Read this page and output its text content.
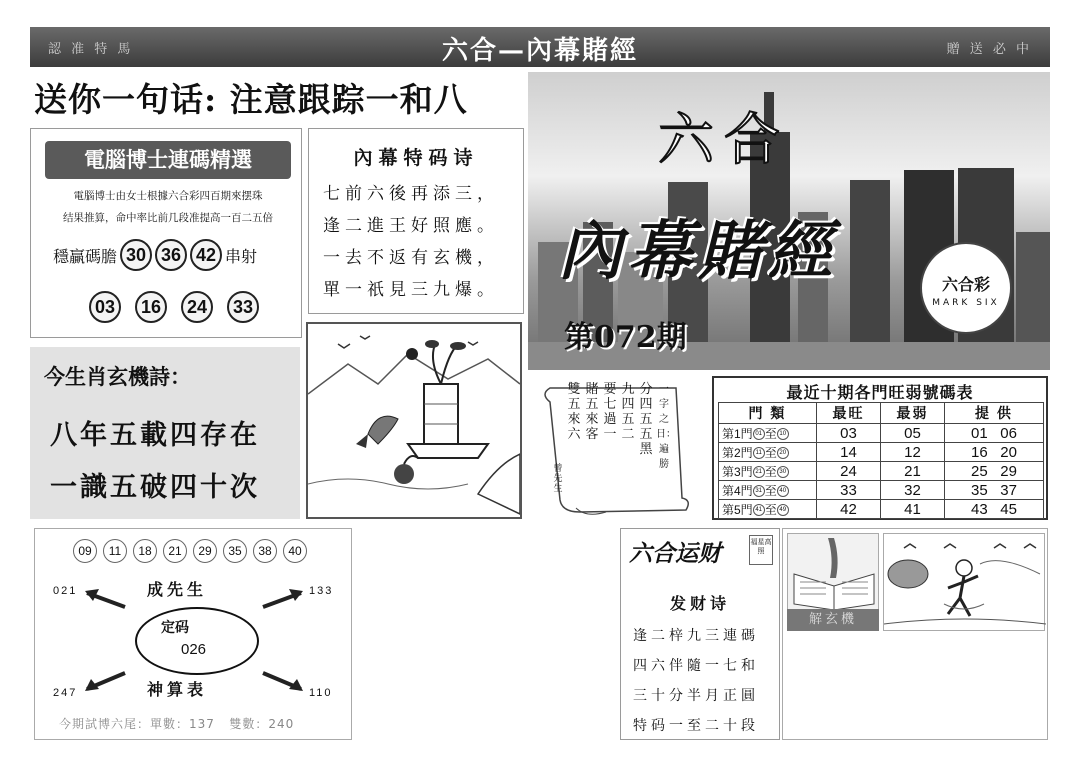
認 准 特 馬	六合—內幕賭經	贈 送 必 中
送你一句话: 注意跟踪一和八
電腦博士連碼精選
電腦博士由女士根據六合彩四百期來摆珠
结果推算，命中率比前几段准提高一百二五倍
穩贏碼膽 30 36 42 串射
03	16	24	33
內幕特码诗
七前六後再添三，
逢二進王好照應。
一去不返有玄機，
單一祇見三九爆。
今生肖玄機詩：
八年五載四存在
一識五破四十次
六合
內幕賭經
第072期
六合彩
MARK SIX
雙五來六
賭五來客
要七過一
九四五二
分四五五黑
一字之日：遍膀
曾先生
最近十期各門旺弱號碼表
門 類	最旺	最弱	提 供
第1門 01 至 10	03	05	01 06
第2門 11 至 20	14	12	16 20
第3門 21 至 30	24	21	25 29
第4門 31 至 40	33	32	35 37
第5門 41 至 49	42	41	43 45
09	11	18	21	29	35	38	40
021	133
247	110
成先生
神算表
定码
026
今期試博六尾：單數：137 雙數：240
六合运财	福星高照
发财诗
逢二梓九三連碼
四六伴隨一七和
三十分半月正圓
特码一至二十段
解玄機
